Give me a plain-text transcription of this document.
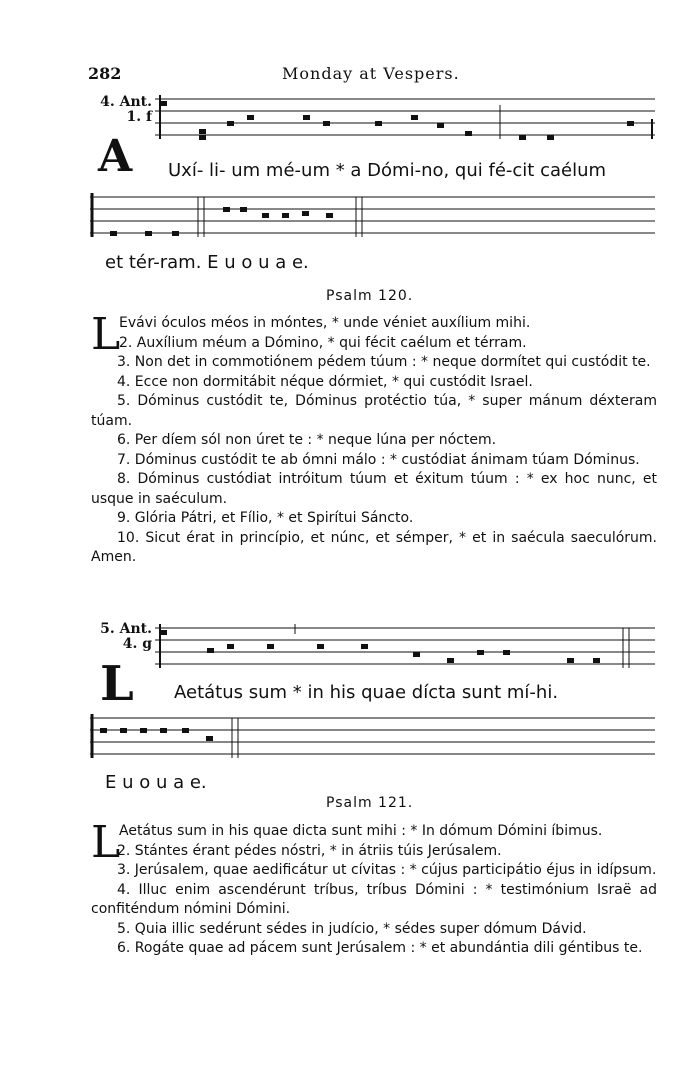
282	Monday at Vespers.
4. Ant.
1. f
A Uxí- li- um mé-um * a Dómi-no, qui fé-cit caélum
et tér-ram. E u o u a e.
Psalm 120.

L
Evávi óculos méos in móntes, * unde véniet auxílium mihi.

2. Auxílium méum a Dómino, * qui fécit caélum et térram.

3. Non det in commotiónem pédem túum : * neque dormítet qui custódit te.

4. Ecce non dormitábit néque dórmiet, * qui custódit Israel.

5. Dóminus custódit te, Dóminus protéctio túa, * super mánum déxteram túam.

6. Per díem sól non úret te : * neque lúna per nóctem.

7. Dóminus custódit te ab ómni málo : * custódiat ánimam túam Dóminus.

8. Dóminus custódiat intróitum túum et éxitum túum : * ex hoc nunc, et usque in saéculum.

9. Glória Pátri, et Fílio, * et Spirítui Sáncto.

10. Sicut érat in princípio, et núnc, et sémper, * et in saécula saeculórum. Amen.

5. Ant.
4. g
L Aetátus sum * in his quae dícta sunt mí-hi.
E u o u a e.
Psalm 121.

L
Aetátus sum in his quae dicta sunt mihi : * In dómum Dómini íbimus.

2. Stántes érant pédes nóstri, * in átriis túis Jerúsalem.

3. Jerúsalem, quae aedificátur ut cívitas : * cújus participátio éjus in idípsum.

4. Illuc enim ascendérunt tríbus, tríbus Dómini : * testimónium Israë ad confiténdum nómini Dómini.

5. Quia illic sedérunt sédes in judício, * sédes super dómum Dávid.

6. Rogáte quae ad pácem sunt Jerúsalem : * et abundántia dili géntibus te.
